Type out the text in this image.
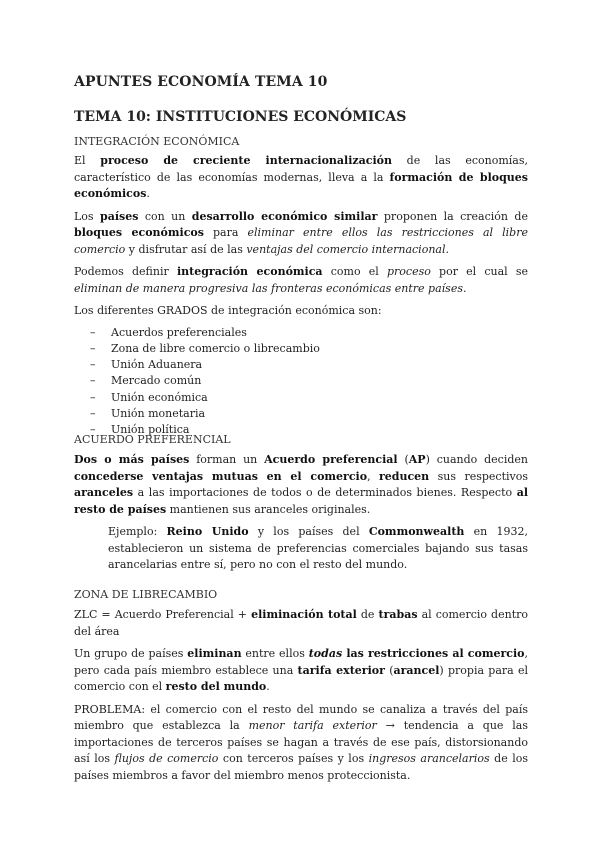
APUNTES ECONOMÍA TEMA 10
TEMA 10: INSTITUCIONES ECONÓMICAS

INTEGRACIÓN ECONÓMICA

El proceso de creciente internacionalización de las economías, característico de las economías modernas, lleva a la formación de bloques económicos.

Los países con un desarrollo económico similar proponen la creación de bloques económicos para eliminar entre ellos las restricciones al libre comercio y disfrutar así de las ventajas del comercio internacional.

Podemos definir integración económica como el proceso por el cual se eliminan de manera progresiva las fronteras económicas entre países.

Los diferentes GRADOS de integración económica son:

– Acuerdos preferenciales
– Zona de libre comercio o librecambio
– Unión Aduanera
– Mercado común
– Unión económica
– Unión monetaria
– Unión política

ACUERDO PREFERENCIAL

Dos o más países forman un Acuerdo preferencial (AP) cuando deciden concederse ventajas mutuas en el comercio, reducen sus respectivos aranceles a las importaciones de todos o de determinados bienes. Respecto al resto de países mantienen sus aranceles originales.

Ejemplo: Reino Unido y los países del Commonwealth en 1932, establecieron un sistema de preferencias comerciales bajando sus tasas arancelarias entre sí, pero no con el resto del mundo.

ZONA DE LIBRECAMBIO

ZLC = Acuerdo Preferencial + eliminación total de trabas al comercio dentro del área

Un grupo de países eliminan entre ellos todas las restricciones al comercio, pero cada país miembro establece una tarifa exterior (arancel) propia para el comercio con el resto del mundo.

PROBLEMA: el comercio con el resto del mundo se canaliza a través del país miembro que establezca la menor tarifa exterior → tendencia a que las importaciones de terceros países se hagan a través de ese país, distorsionando así los flujos de comercio con terceros países y los ingresos arancelarios de los países miembros a favor del miembro menos proteccionista.
